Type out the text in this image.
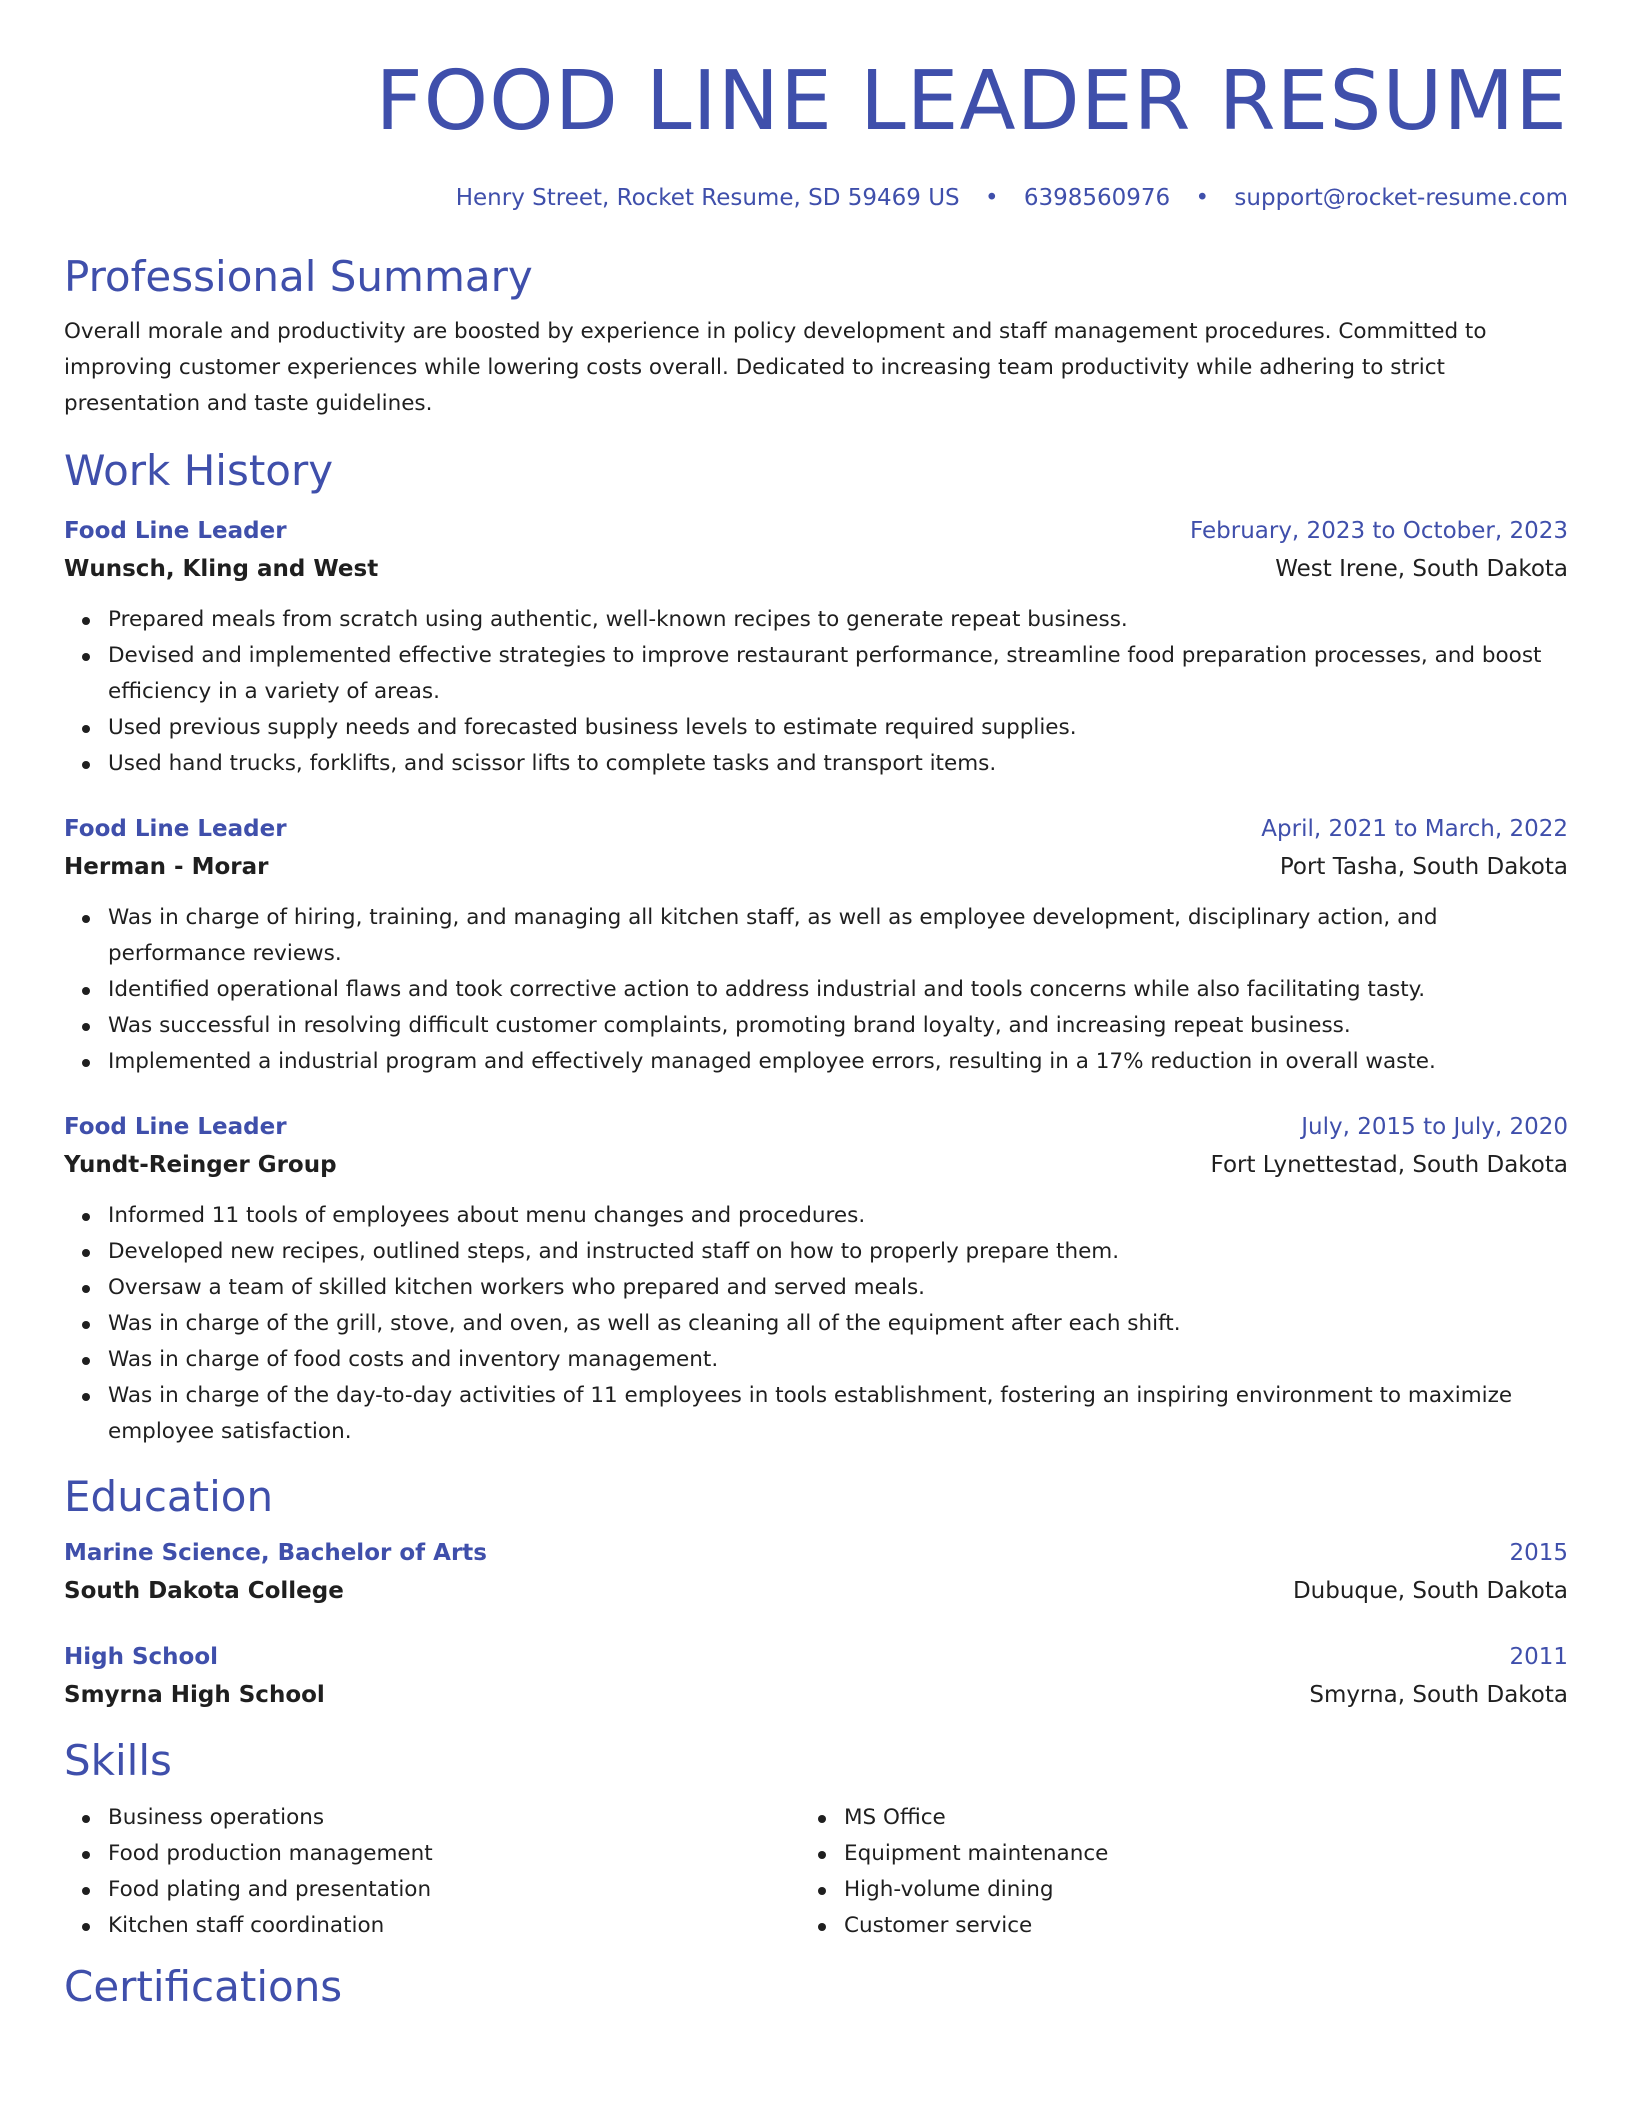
FOOD LINE LEADER RESUME
Henry Street, Rocket Resume, SD 59469 US • 6398560976 • support@rocket-resume.com
Professional Summary

Overall morale and productivity are boosted by experience in policy development and staff management procedures. Committed to improving customer experiences while lowering costs overall. Dedicated to increasing team productivity while adhering to strict presentation and taste guidelines.

Work History
Food Line Leader	February, 2023 to October, 2023
Wunsch, Kling and West	West Irene, South Dakota
Prepared meals from scratch using authentic, well-known recipes to generate repeat business.
Devised and implemented effective strategies to improve restaurant performance, streamline food preparation processes, and boost efficiency in a variety of areas.
Used previous supply needs and forecasted business levels to estimate required supplies.
Used hand trucks, forklifts, and scissor lifts to complete tasks and transport items.
Food Line Leader	April, 2021 to March, 2022
Herman - Morar	Port Tasha, South Dakota
Was in charge of hiring, training, and managing all kitchen staff, as well as employee development, disciplinary action, and performance reviews.
Identified operational flaws and took corrective action to address industrial and tools concerns while also facilitating tasty.
Was successful in resolving difficult customer complaints, promoting brand loyalty, and increasing repeat business.
Implemented a industrial program and effectively managed employee errors, resulting in a 17% reduction in overall waste.
Food Line Leader	July, 2015 to July, 2020
Yundt-Reinger Group	Fort Lynettestad, South Dakota
Informed 11 tools of employees about menu changes and procedures.
Developed new recipes, outlined steps, and instructed staff on how to properly prepare them.
Oversaw a team of skilled kitchen workers who prepared and served meals.
Was in charge of the grill, stove, and oven, as well as cleaning all of the equipment after each shift.
Was in charge of food costs and inventory management.
Was in charge of the day-to-day activities of 11 employees in tools establishment, fostering an inspiring environment to maximize employee satisfaction.
Education
Marine Science, Bachelor of Arts	2015
South Dakota College	Dubuque, South Dakota
High School	2011
Smyrna High School	Smyrna, South Dakota
Skills
Business operations
Food production management
Food plating and presentation
Kitchen staff coordination
MS Office
Equipment maintenance
High-volume dining
Customer service
Certifications
